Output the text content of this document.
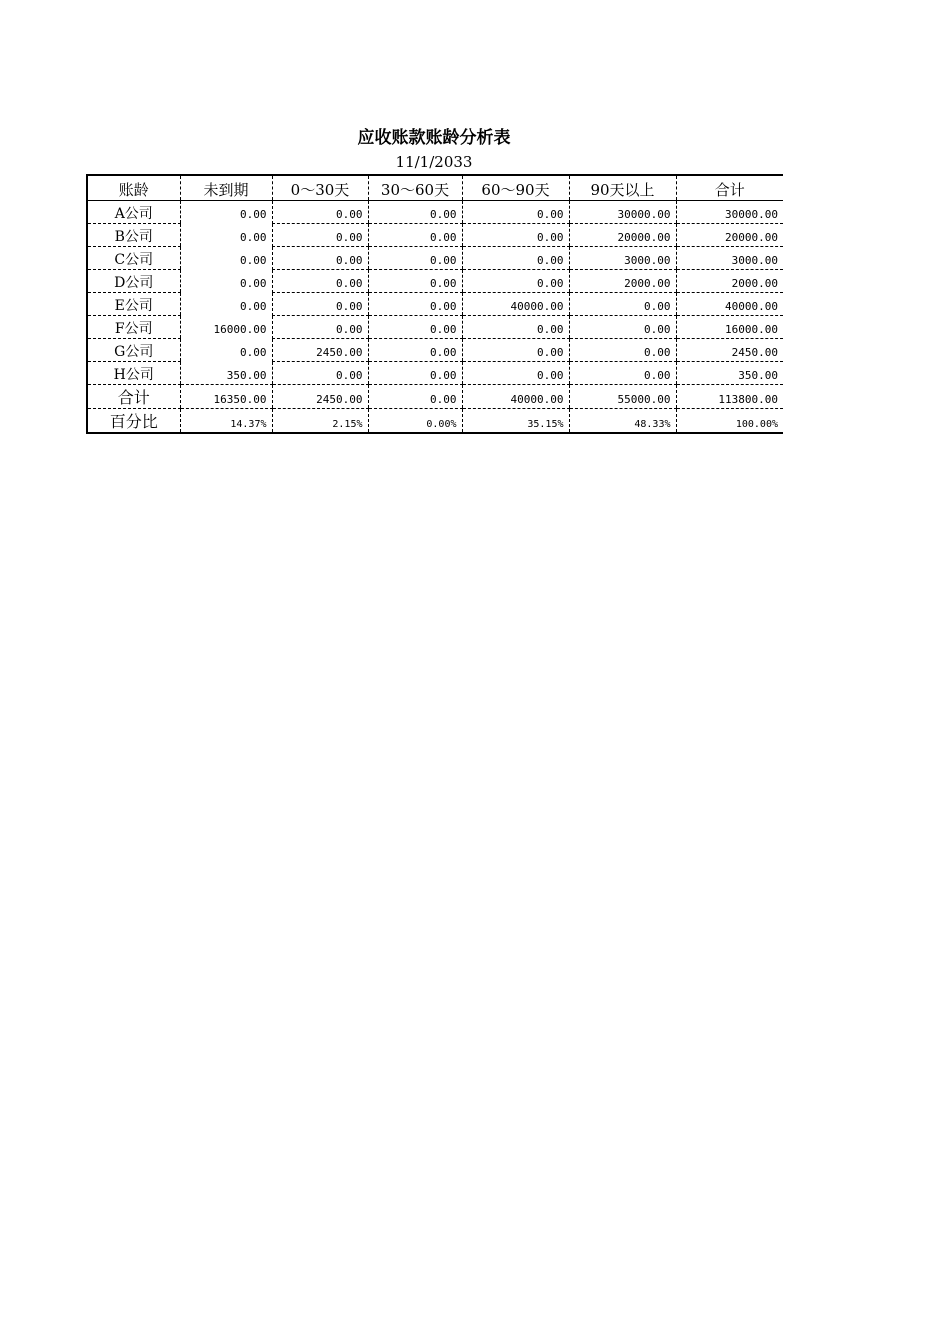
应收账款账龄分析表
11/1/2033
账龄	未到期	0～30天	30～60天	60～90天	90天以上	合计
A公司	0.00	0.00	0.00	0.00	30000.00	30000.00
B公司	0.00	0.00	0.00	0.00	20000.00	20000.00
C公司	0.00	0.00	0.00	0.00	3000.00	3000.00
D公司	0.00	0.00	0.00	0.00	2000.00	2000.00
E公司	0.00	0.00	0.00	40000.00	0.00	40000.00
F公司	16000.00	0.00	0.00	0.00	0.00	16000.00
G公司	0.00	2450.00	0.00	0.00	0.00	2450.00
H公司	350.00	0.00	0.00	0.00	0.00	350.00
合计	16350.00	2450.00	0.00	40000.00	55000.00	113800.00
百分比	14.37%	2.15%	0.00%	35.15%	48.33%	100.00%
